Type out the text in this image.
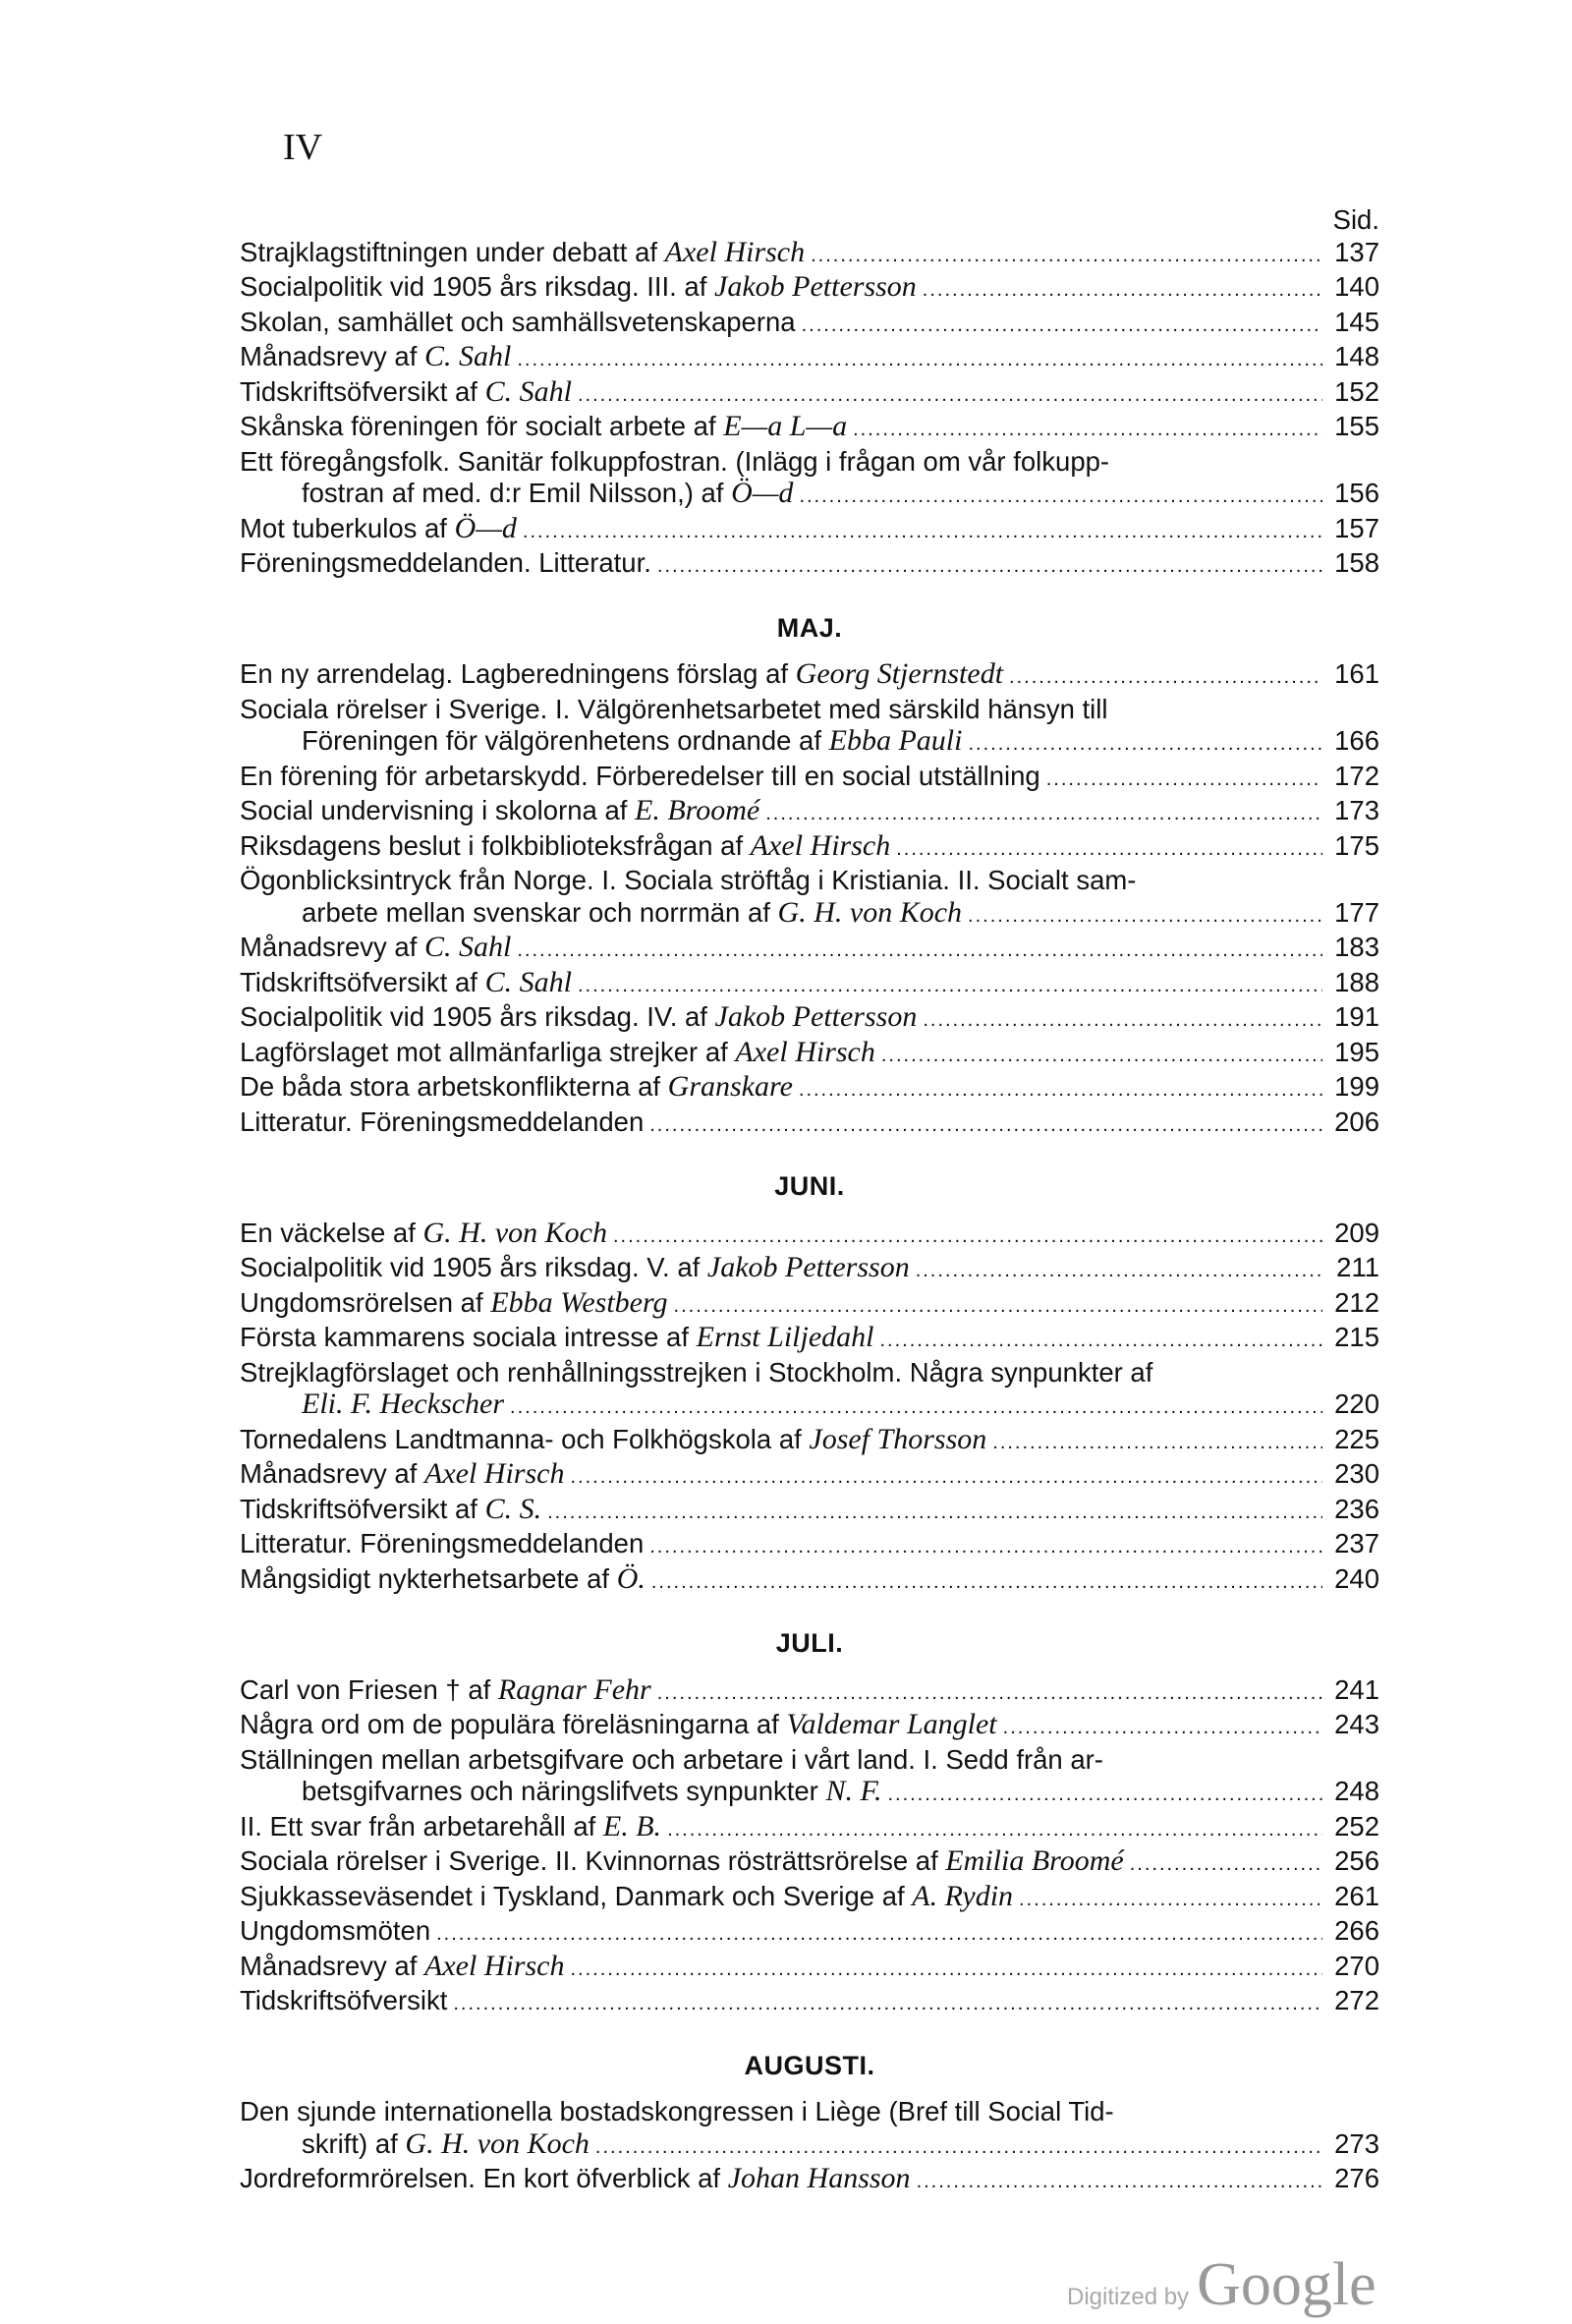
IV
Sid.
Strajklagstiftningen under debatt af Axel Hirsch .....	137
Socialpolitik vid 1905 års riksdag. III. af Jakob Pettersson .....	140
Skolan, samhället och samhällsvetenskaperna .....	145
Månadsrevy af C. Sahl .....	148
Tidskriftsöfversikt af C. Sahl .....	152
Skånska föreningen för socialt arbete af E—a L—a .....	155
Ett föregångsfolk. Sanitär folkuppfostran. (Inlägg i frågan om vår folkupp-
fostran af med. d:r Emil Nilsson,) af Ö—d .....	156
Mot tuberkulos af Ö—d .....	157
Föreningsmeddelanden. Litteratur. .....	158
MAJ.
En ny arrendelag. Lagberedningens förslag af Georg Stjernstedt .....	161
Sociala rörelser i Sverige. I. Välgörenhetsarbetet med särskild hänsyn till
Föreningen för välgörenhetens ordnande af Ebba Pauli .....	166
En förening för arbetarskydd. Förberedelser till en social utställning .....	172
Social undervisning i skolorna af E. Broomé .....	173
Riksdagens beslut i folkbiblioteksfrågan af Axel Hirsch .....	175
Ögonblicksintryck från Norge. I. Sociala ströftåg i Kristiania. II. Socialt sam-
arbete mellan svenskar och norrmän af G. H. von Koch .....	177
Månadsrevy af C. Sahl .....	183
Tidskriftsöfversikt af C. Sahl .....	188
Socialpolitik vid 1905 års riksdag. IV. af Jakob Pettersson .....	191
Lagförslaget mot allmänfarliga strejker af Axel Hirsch .....	195
De båda stora arbetskonflikterna af Granskare .....	199
Litteratur. Föreningsmeddelanden .....	206
JUNI.
En väckelse af G. H. von Koch .....	209
Socialpolitik vid 1905 års riksdag. V. af Jakob Pettersson .....	211
Ungdomsrörelsen af Ebba Westberg .....	212
Första kammarens sociala intresse af Ernst Liljedahl .....	215
Strejklagförslaget och renhållningsstrejken i Stockholm. Några synpunkter af
Eli. F. Heckscher .....	220
Tornedalens Landtmanna- och Folkhögskola af Josef Thorsson .....	225
Månadsrevy af Axel Hirsch .....	230
Tidskriftsöfversikt af C. S. .....	236
Litteratur. Föreningsmeddelanden .....	237
Mångsidigt nykterhetsarbete af Ö. .....	240
JULI.
Carl von Friesen † af Ragnar Fehr .....	241
Några ord om de populära föreläsningarna af Valdemar Langlet .....	243
Ställningen mellan arbetsgifvare och arbetare i vårt land. I. Sedd från ar-
betsgifvarnes och näringslifvets synpunkter N. F. .....	248
II. Ett svar från arbetarehåll af E. B. .....	252
Sociala rörelser i Sverige. II. Kvinnornas rösträttsrörelse af Emilia Broomé .....	256
Sjukkasseväsendet i Tyskland, Danmark och Sverige af A. Rydin .....	261
Ungdomsmöten .....	266
Månadsrevy af Axel Hirsch .....	270
Tidskriftsöfversikt .....	272
AUGUSTI.
Den sjunde internationella bostadskongressen i Liège (Bref till Social Tid-
skrift) af G. H. von Koch .....	273
Jordreformrörelsen. En kort öfverblick af Johan Hansson .....	276
Digitized by Google
